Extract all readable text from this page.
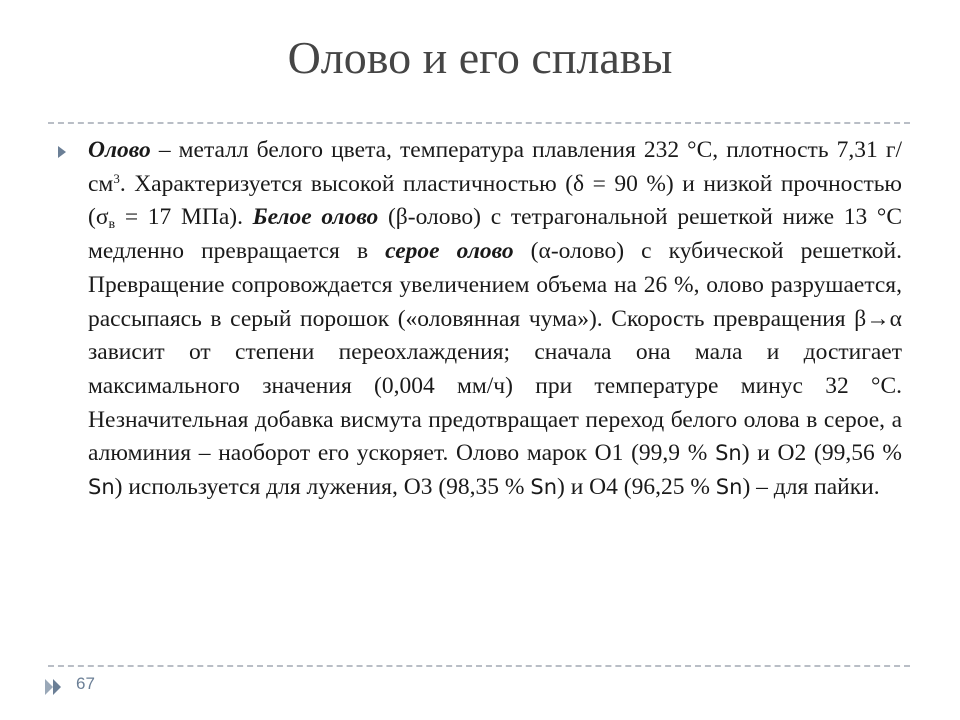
Олово и его сплавы
Олово – металл белого цвета, температура плавления 232 °C, плотность 7,31 $г/см^3$. Характеризуется высокой пластичностью (δ = 90 %) и низкой прочностью ($\sigma_в = 17$ МПа). Белое олово (β-олово) с тетрагональной решеткой ниже 13 °C медленно превращается в серое олово (α-олово) с кубической решеткой. Превращение сопровождается увеличением объема на 26 %, олово разрушается, рассыпаясь в серый порошок («оловянная чума»). Скорость превращения β→α зависит от степени переохлаждения; сначала она мала и достигает максимального значения (0,004 мм/ч) при температуре минус 32 °C. Незначительная добавка висмута предотвращает переход белого олова в серое, а алюминия – наоборот его ускоряет. Олово марок О1 (99,9 % Sn) и О2 (99,56 % Sn) используется для лужения, О3 (98,35 % Sn) и О4 (96,25 % Sn) – для пайки.
67
